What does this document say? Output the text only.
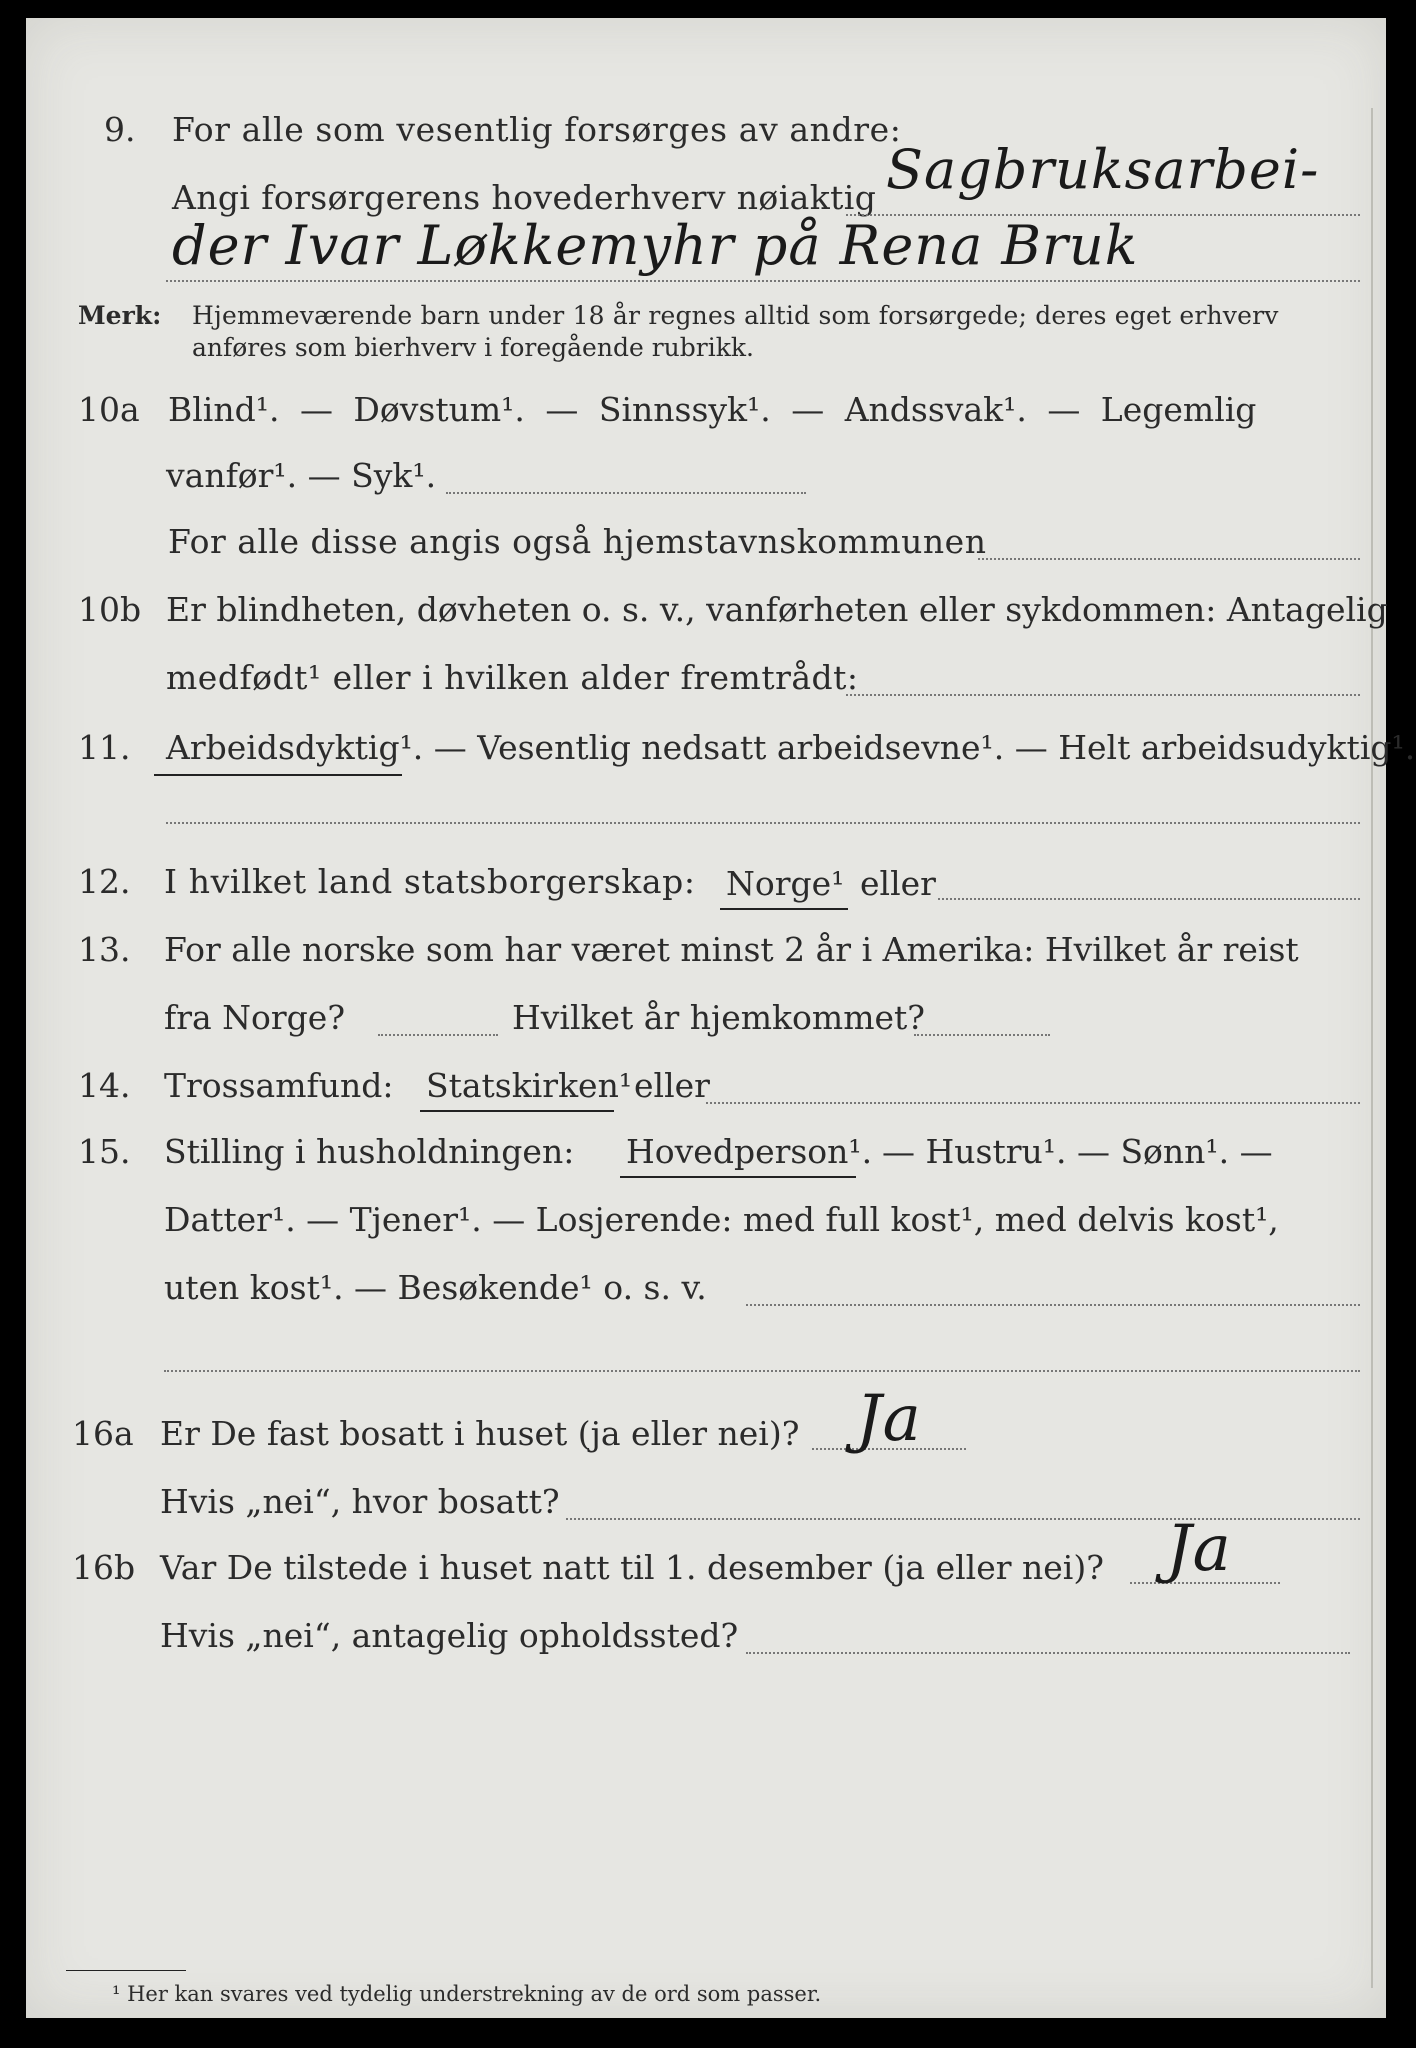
9. For alle som vesentlig forsørges av andre:
Angi forsørgerens hovederhverv nøiaktig Sagbruksarbei-
der Ivar Løkkemyhr på Rena Bruk
Merk: Hjemmeværende barn under 18 år regnes alltid som forsørgede; deres eget erhverv
anføres som bierhverv i foregående rubrikk.
10a Blind¹. — Døvstum¹. — Sinnssyk¹. — Andssvak¹. — Legemlig
vanfør¹. — Syk¹.
For alle disse angis også hjemstavnskommunen
10b Er blindheten, døvheten o. s. v., vanførheten eller sykdommen: Antagelig
medfødt¹ eller i hvilken alder fremtrådt:
11. Arbeidsdyktig¹. — Vesentlig nedsatt arbeidsevne¹. — Helt arbeidsudyktig¹.
12. I hvilket land statsborgerskap: Norge¹ eller
13. For alle norske som har været minst 2 år i Amerika: Hvilket år reist
fra Norge?	Hvilket år hjemkommet?
14. Trossamfund: Statskirken¹ eller
15. Stilling i husholdningen: Hovedperson¹. — Hustru¹. — Sønn¹. —
Datter¹. — Tjener¹. — Losjerende: med full kost¹, med delvis kost¹,
uten kost¹. — Besøkende¹ o. s. v.
16a Er De fast bosatt i huset (ja eller nei)? Ja
Hvis „nei“, hvor bosatt?
16b Var De tilstede i huset natt til 1. desember (ja eller nei)? Ja
Hvis „nei“, antagelig opholdssted?
¹ Her kan svares ved tydelig understrekning av de ord som passer.
